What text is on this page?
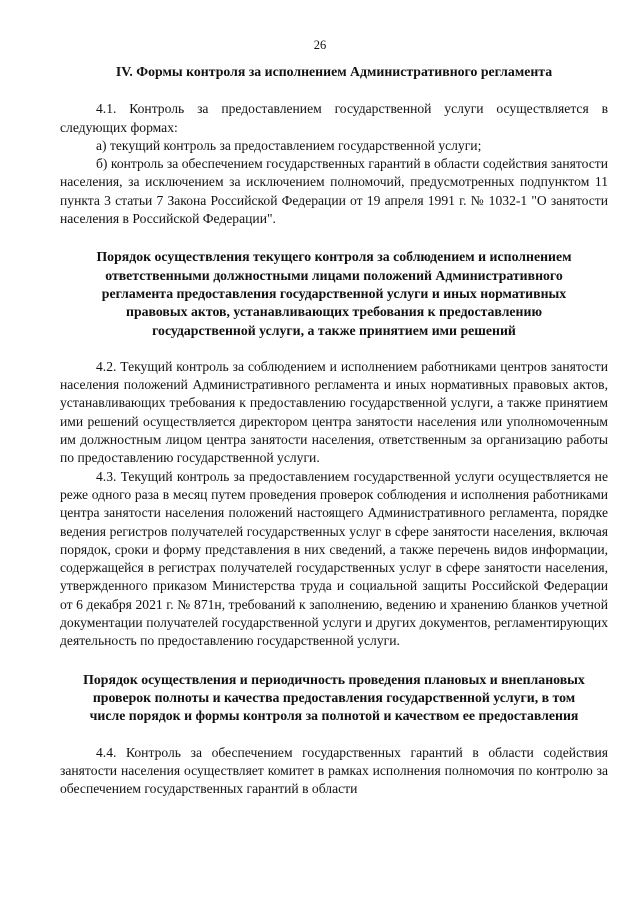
26
IV. Формы контроля за исполнением Административного регламента

4.1. Контроль за предоставлением государственной услуги осуществляется в следующих формах:

а) текущий контроль за предоставлением государственной услуги;

б) контроль за обеспечением государственных гарантий в области содействия занятости населения, за исключением за исключением полномочий, предусмотренных подпунктом 11 пункта 3 статьи 7 Закона Российской Федерации от 19 апреля 1991 г. № 1032-1 "О занятости населения в Российской Федерации".

Порядок осуществления текущего контроля за соблюдением и исполнением ответственными должностными лицами положений Административного регламента предоставления государственной услуги и иных нормативных правовых актов, устанавливающих требования к предоставлению государственной услуги, а также принятием ими решений

4.2. Текущий контроль за соблюдением и исполнением работниками центров занятости населения положений Административного регламента и иных нормативных правовых актов, устанавливающих требования к предоставлению государственной услуги, а также принятием ими решений осуществляется директором центра занятости населения или уполномоченным им должностным лицом центра занятости населения, ответственным за организацию работы по предоставлению государственной услуги.

4.3. Текущий контроль за предоставлением государственной услуги осуществляется не реже одного раза в месяц путем проведения проверок соблюдения и исполнения работниками центра занятости населения положений настоящего Административного регламента, порядке ведения регистров получателей государственных услуг в сфере занятости населения, включая порядок, сроки и форму представления в них сведений, а также перечень видов информации, содержащейся в регистрах получателей государственных услуг в сфере занятости населения, утвержденного приказом Министерства труда и социальной защиты Российской Федерации от 6 декабря 2021 г. № 871н, требований к заполнению, ведению и хранению бланков учетной документации получателей государственной услуги и других документов, регламентирующих деятельность по предоставлению государственной услуги.

Порядок осуществления и периодичность проведения плановых и внеплановых проверок полноты и качества предоставления государственной услуги, в том числе порядок и формы контроля за полнотой и качеством ее предоставления

4.4. Контроль за обеспечением государственных гарантий в области содействия занятости населения осуществляет комитет в рамках исполнения полномочия по контролю за обеспечением государственных гарантий в области
